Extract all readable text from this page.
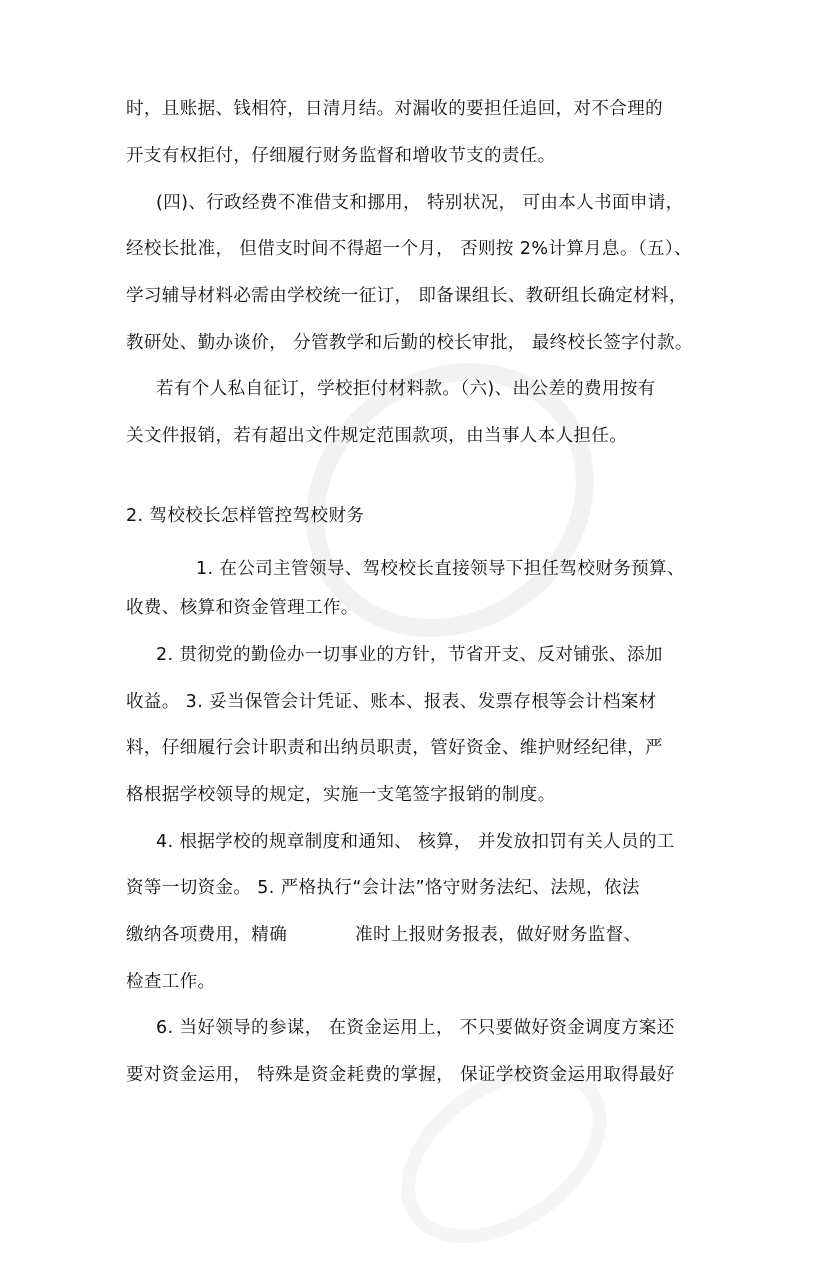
时，且账据、钱相符，日清月结。对漏收的要担任追回，对不合理的
开支有权拒付，仔细履行财务监督和增收节支的责任。
(四)、行政经费不准借支和挪用， 特别状况， 可由本人书面申请，
经校长批准， 但借支时间不得超一个月， 否则按 2%计算月息。（五）、
学习辅导材料必需由学校统一征订， 即备课组长、教研组长确定材料，
教研处、勤办谈价， 分管教学和后勤的校长审批， 最终校长签字付款。
若有个人私自征订，学校拒付材料款。（六)、出公差的费用按有
关文件报销，若有超出文件规定范围款项，由当事人本人担任。
2. 驾校校长怎样管控驾校财务
1. 在公司主管领导、驾校校长直接领导下担任驾校财务预算、
收费、核算和资金管理工作。
2. 贯彻党的勤俭办一切事业的方针，节省开支、反对铺张、添加
收益。 3. 妥当保管会计凭证、账本、报表、发票存根等会计档案材
料，仔细履行会计职责和出纳员职责，管好资金、维护财经纪律，严
格根据学校领导的规定，实施一支笔签字报销的制度。
4. 根据学校的规章制度和通知、 核算， 并发放扣罚有关人员的工
资等一切资金。 5. 严格执行“会计法”恪守财务法纪、法规，依法
缴纳各项费用，精确	准时上报财务报表，做好财务监督、
检查工作。
6. 当好领导的参谋， 在资金运用上， 不只要做好资金调度方案还
要对资金运用， 特殊是资金耗费的掌握， 保证学校资金运用取得最好
